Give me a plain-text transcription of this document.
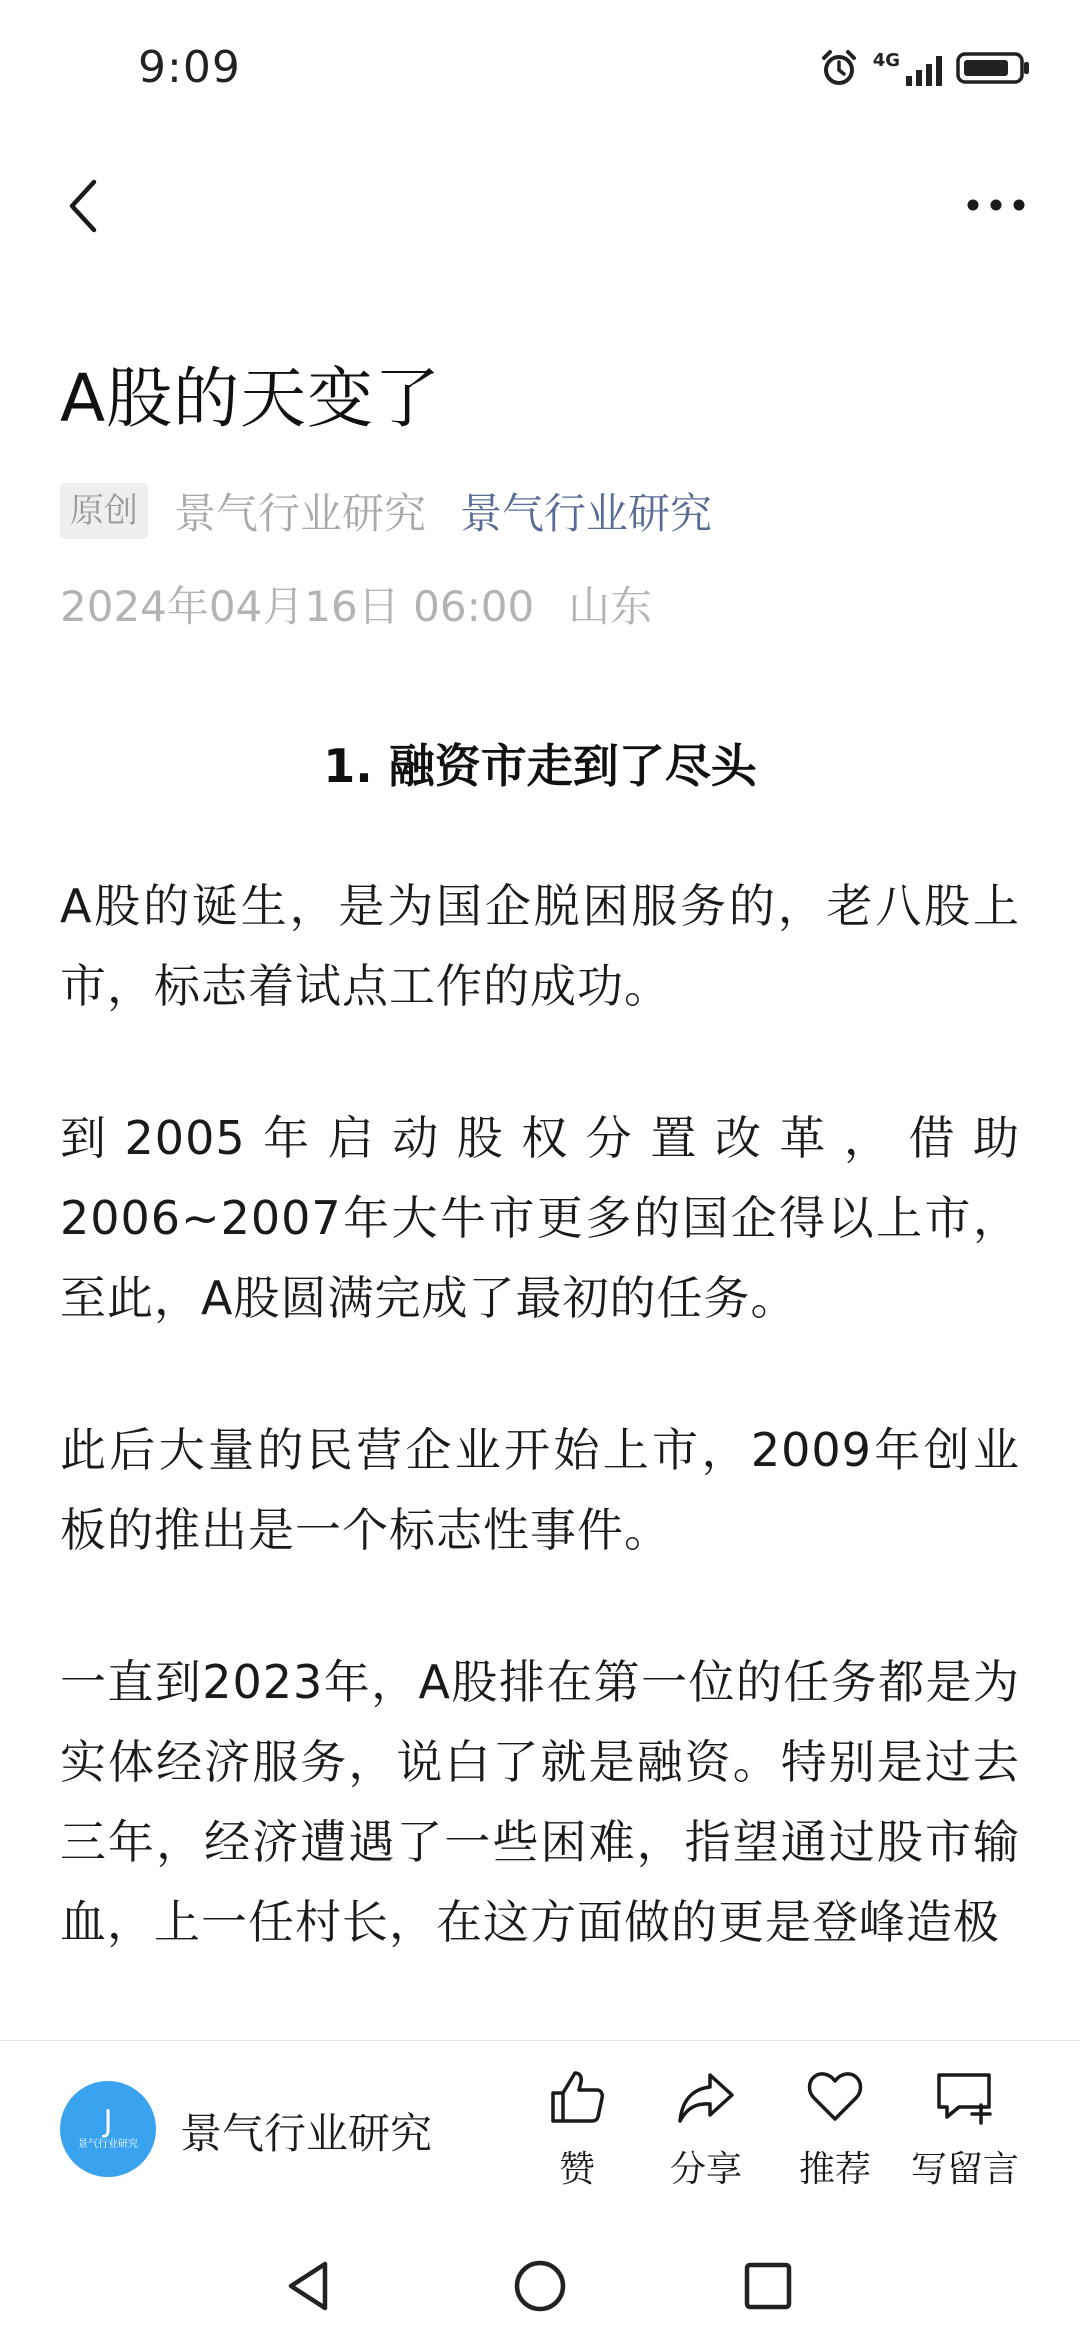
9:09	4G
A股的天变了
原创 景气行业研究 景气行业研究
2024年04月16日 06:00 山东
1. 融资市走到了尽头

A股的诞生，是为国企脱困服务的，老八股上市，标志着试点工作的成功。

到2005年启动股权分置改革，借助2006~2007年大牛市更多的国企得以上市，至此，A股圆满完成了最初的任务。

此后大量的民营企业开始上市，2009年创业板的推出是一个标志性事件。

一直到2023年，A股排在第一位的任务都是为实体经济服务，说白了就是融资。特别是过去三年，经济遭遇了一些困难，指望通过股市输血，上一任村长，在这方面做的更是登峰造极

J
景气行业研究 景气行业研究
赞 分享 推荐 写留言
